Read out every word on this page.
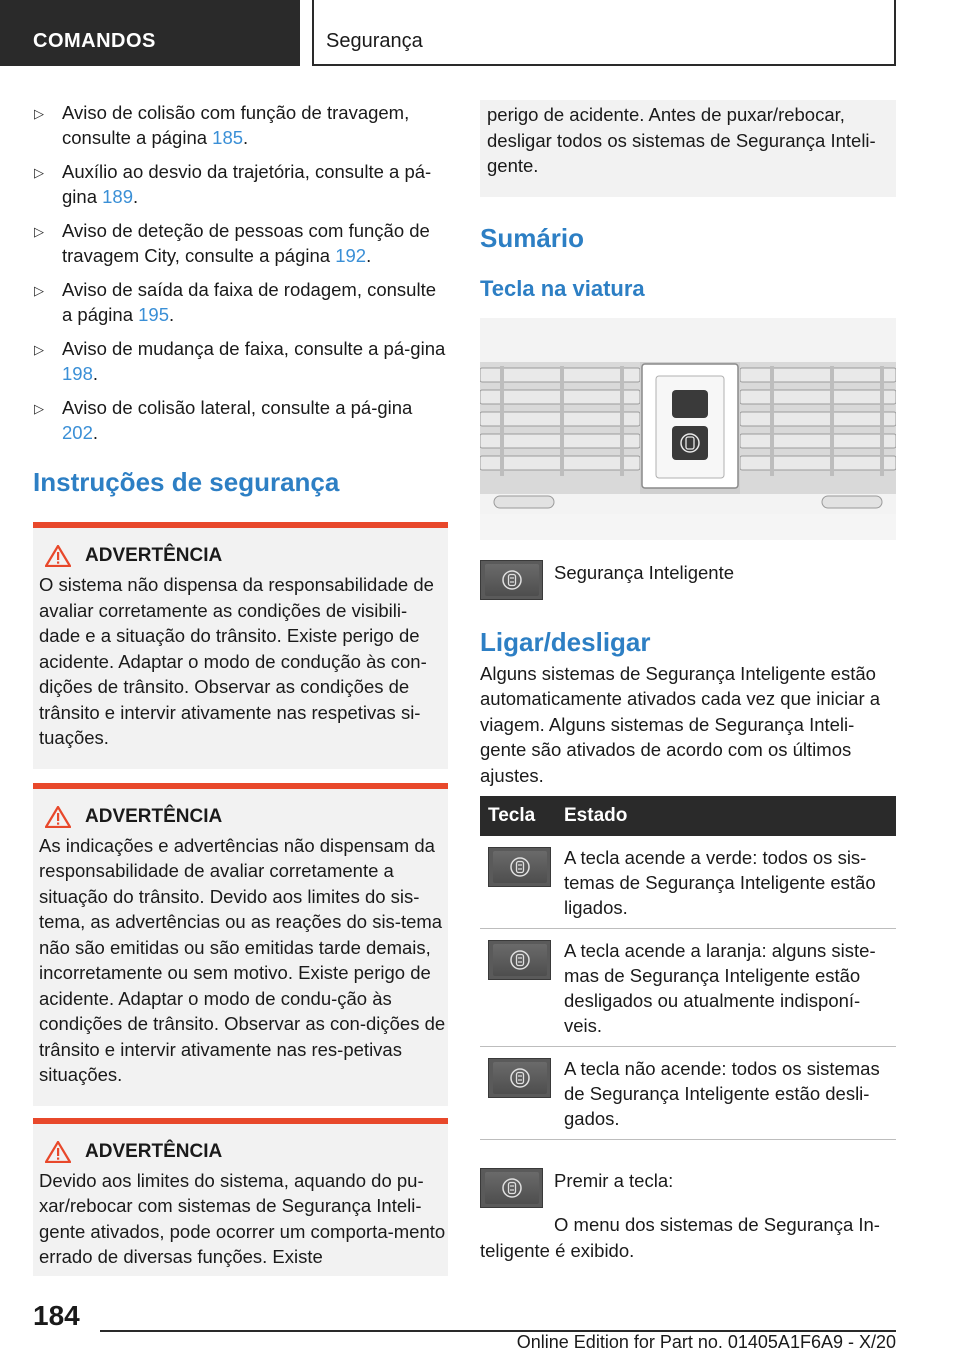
COMANDOS	Segurança
▷ Aviso de colisão com função de travagem, consulte a página 185.
▷ Auxílio ao desvio da trajetória, consulte a pá-gina 189.
▷ Aviso de deteção de pessoas com função de travagem City, consulte a página 192.
▷ Aviso de saída da faixa de rodagem, consulte a página 195.
▷ Aviso de mudança de faixa, consulte a pá-gina 198.
▷ Aviso de colisão lateral, consulte a pá-gina 202.
Instruções de segurança
ADVERTÊNCIA

O sistema não dispensa da responsabilidade de avaliar corretamente as condições de visibili-dade e a situação do trânsito. Existe perigo de acidente. Adaptar o modo de condução às con-dições de trânsito. Observar as condições de trânsito e intervir ativamente nas respetivas si-tuações.

ADVERTÊNCIA

As indicações e advertências não dispensam da responsabilidade de avaliar corretamente a situação do trânsito. Devido aos limites do sis-tema, as advertências ou as reações do sis-tema não são emitidas ou são emitidas tarde demais, incorretamente ou sem motivo. Existe perigo de acidente. Adaptar o modo de condu-ção às condições de trânsito. Observar as con-dições de trânsito e intervir ativamente nas res-petivas situações.

ADVERTÊNCIA

Devido aos limites do sistema, aquando do pu-xar/rebocar com sistemas de Segurança Inteli-gente ativados, pode ocorrer um comporta-mento errado de diversas funções. Existe

perigo de acidente. Antes de puxar/rebocar, desligar todos os sistemas de Segurança Inteli-gente.
Sumário
Tecla na viatura
Segurança Inteligente
Ligar/desligar

Alguns sistemas de Segurança Inteligente estão automaticamente ativados cada vez que iniciar a viagem. Alguns sistemas de Segurança Inteli-gente são ativados de acordo com os últimos ajustes.

Tecla	Estado

	A tecla acende a verde: todos os sis-temas de Segurança Inteligente estão ligados.

	A tecla acende a laranja: alguns siste-mas de Segurança Inteligente estão desligados ou atualmente indisponí-veis.

	A tecla não acende: todos os sistemas de Segurança Inteligente estão desli-gados.
Premir a tecla:

O menu dos sistemas de Segurança In-teligente é exibido.

184
Online Edition for Part no. 01405A1F6A9 - X/20
